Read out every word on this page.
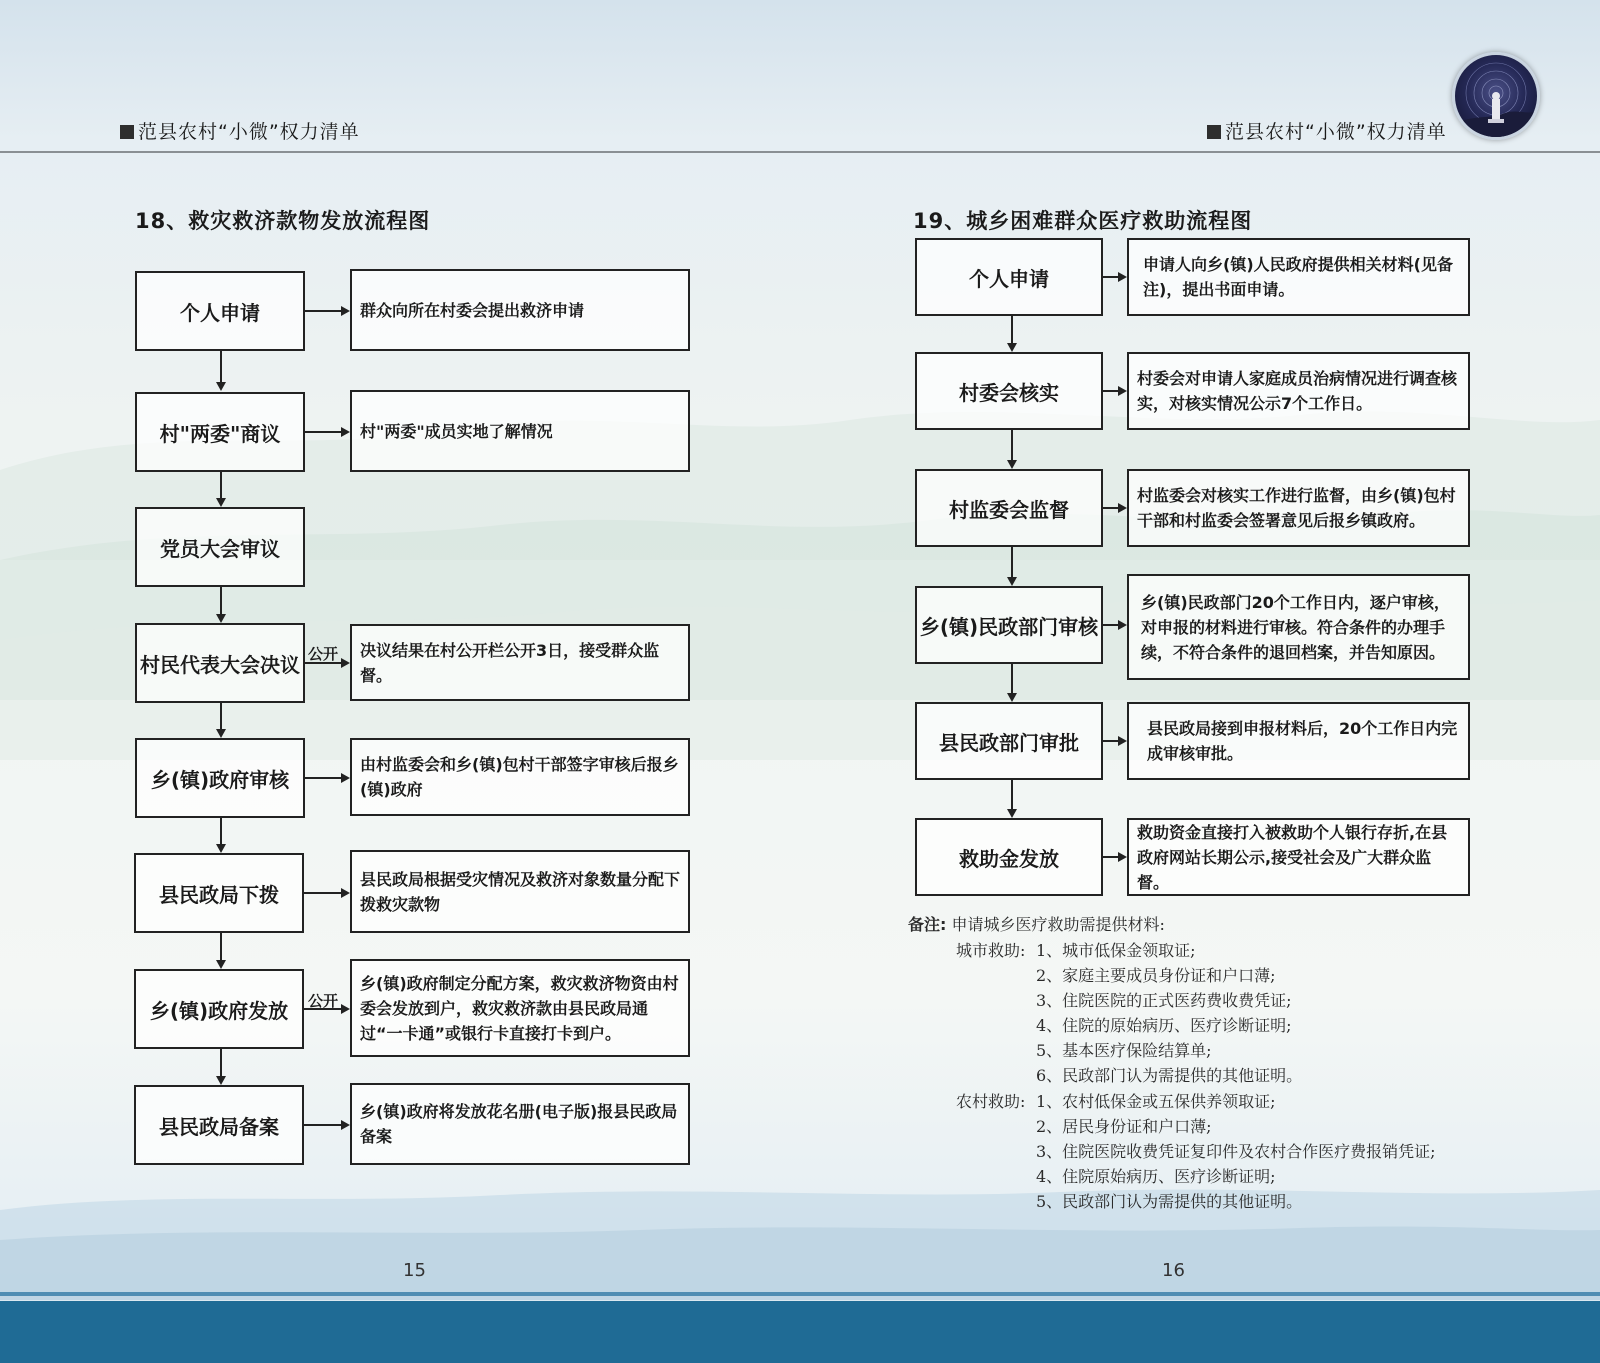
范县农村“小微”权力清单	范县农村“小微”权力清单
18、救灾救济款物发放流程图
个人申请	群众向所在村委会提出救济申请
村"两委"商议	村"两委"成员实地了解情况
党员大会审议
村民代表大会决议
决议结果在村公开栏公开3日，接受群众监督。
乡(镇)政府审核
由村监委会和乡(镇)包村干部签字审核后报乡(镇)政府
县民政局下拨
县民政局根据受灾情况及救济对象数量分配下拨救灾款物
乡(镇)政府发放
乡(镇)政府制定分配方案，救灾救济物资由村委会发放到户，救灾救济款由县民政局通过“一卡通”或银行卡直接打卡到户。
县民政局备案
乡(镇)政府将发放花名册(电子版)报县民政局备案
公开
公开
19、城乡困难群众医疗救助流程图
个人申请
申请人向乡(镇)人民政府提供相关材料(见备注)，提出书面申请。
村委会核实
村委会对申请人家庭成员治病情况进行调查核实，对核实情况公示7个工作日。
村监委会监督
村监委会对核实工作进行监督，由乡(镇)包村干部和村监委会签署意见后报乡镇政府。
乡(镇)民政部门审核
乡(镇)民政部门20个工作日内，逐户审核，对申报的材料进行审核。符合条件的办理手续，不符合条件的退回档案，并告知原因。
县民政部门审批
县民政局接到申报材料后，20个工作日内完成审核审批。
救助金发放
救助资金直接打入被救助个人银行存折,在县政府网站长期公示,接受社会及广大群众监督。
备注: 申请城乡医疗救助需提供材料:
城市救助: 1、城市低保金领取证;
2、家庭主要成员身份证和户口薄;
3、住院医院的正式医药费收费凭证;
4、住院的原始病历、医疗诊断证明;
5、基本医疗保险结算单;
6、民政部门认为需提供的其他证明。
农村救助: 1、农村低保金或五保供养领取证;
2、居民身份证和户口薄;
3、住院医院收费凭证复印件及农村合作医疗费报销凭证;
4、住院原始病历、医疗诊断证明;
5、民政部门认为需提供的其他证明。
15	16
